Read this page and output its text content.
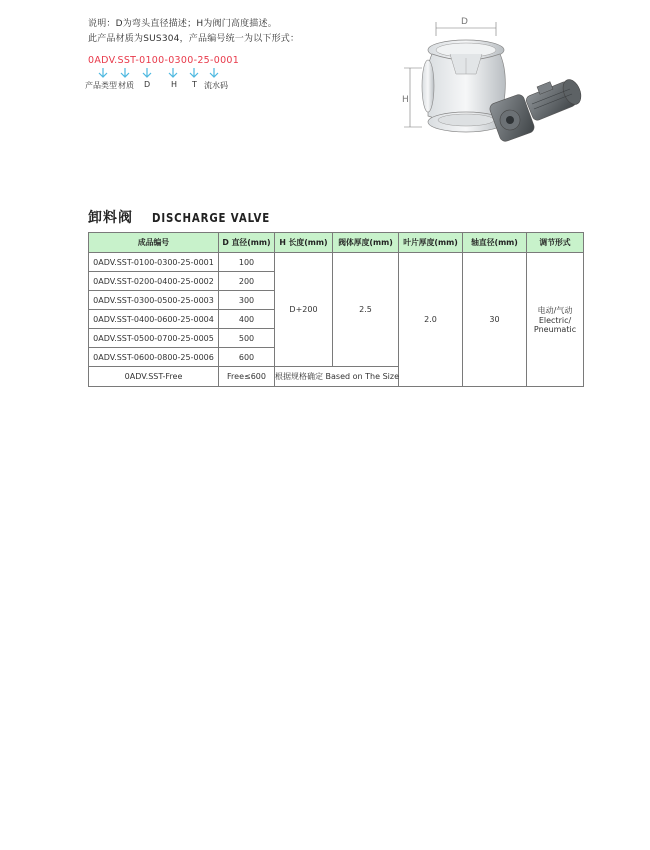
说明：D为弯头直径描述；H为阀门高度描述。
此产品材质为SUS304，产品编号统一为以下形式：
0ADV.SST-0100-0300-25-0001
产品类型 材质 D	H T 流水码
D
H
卸料阀 DISCHARGE VALVE
成品编号	D 直径(mm)	H 长度(mm)	阀体厚度(mm)	叶片厚度(mm)	轴直径(mm)	调节形式
0ADV.SST-0100-0300-25-0001	100	D+200	2.5	2.0	30	电动/气动
Electric/
Pneumatic

0ADV.SST-0200-0400-25-0002	200					
0ADV.SST-0300-0500-25-0003	300					
0ADV.SST-0400-0600-25-0004	400					
0ADV.SST-0500-0700-25-0005	500					
0ADV.SST-0600-0800-25-0006	600					
0ADV.SST-Free	Free≤600	根据规格确定 Based on The Size				
